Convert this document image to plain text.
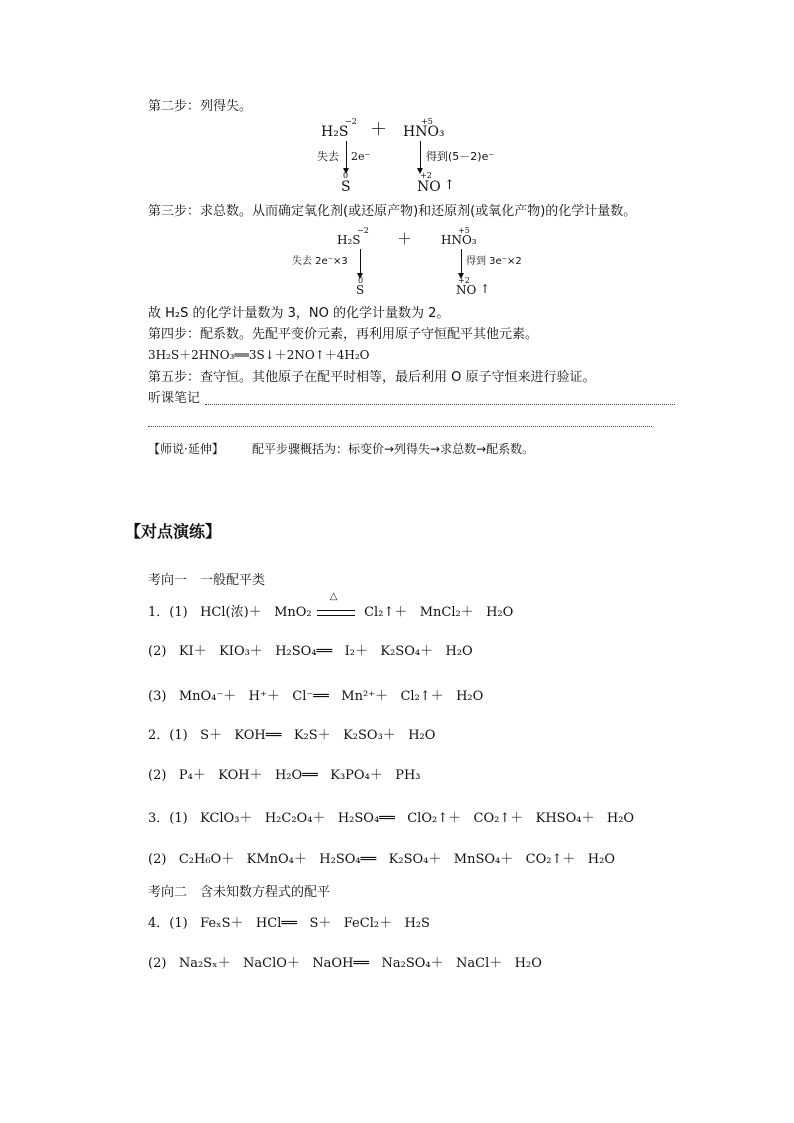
第二步：列得失。
−2
H₂S ＋	+5
HNO₃
失去 2e⁻	得到(5－2)e⁻
0
S
+2
NO ↑
第三步：求总数。从而确定氧化剂(或还原产物)和还原剂(或氧化产物)的化学计量数。
−2
H₂S ＋	+5
HNO₃
失去 2e⁻×3	得到 3e⁻×2
0
S
+2
NO ↑
故 H₂S 的化学计量数为 3，NO 的化学计量数为 2。
第四步：配系数。先配平变价元素，再利用原子守恒配平其他元素。
3H₂S＋2HNO₃══3S↓＋2NO↑＋4H₂O
第五步：查守恒。其他原子在配平时相等，最后利用 O 原子守恒来进行验证。
听课笔记
【师说·延伸】 配平步骤概括为：标变价→列得失→求总数→配系数。
【对点演练】
考向一　一般配平类
1．(1) HCl(浓)＋ MnO₂
△
Cl₂↑＋ MnCl₂＋ H₂O
(2) KI＋ KIO₃＋ H₂SO₄══ I₂＋ K₂SO₄＋ H₂O
(3) MnO₄⁻＋ H⁺＋ Cl⁻══ Mn²⁺＋ Cl₂↑＋ H₂O
2．(1) S＋ KOH══ K₂S＋ K₂SO₃＋ H₂O
(2) P₄＋ KOH＋ H₂O══ K₃PO₄＋ PH₃
3．(1) KClO₃＋ H₂C₂O₄＋ H₂SO₄══ ClO₂↑＋ CO₂↑＋ KHSO₄＋ H₂O
(2) C₂H₆O＋ KMnO₄＋ H₂SO₄══ K₂SO₄＋ MnSO₄＋ CO₂↑＋ H₂O
考向二　含未知数方程式的配平
4．(1) FeₓS＋ HCl══ S＋ FeCl₂＋ H₂S
(2) Na₂Sₓ＋ NaClO＋ NaOH══ Na₂SO₄＋ NaCl＋ H₂O
